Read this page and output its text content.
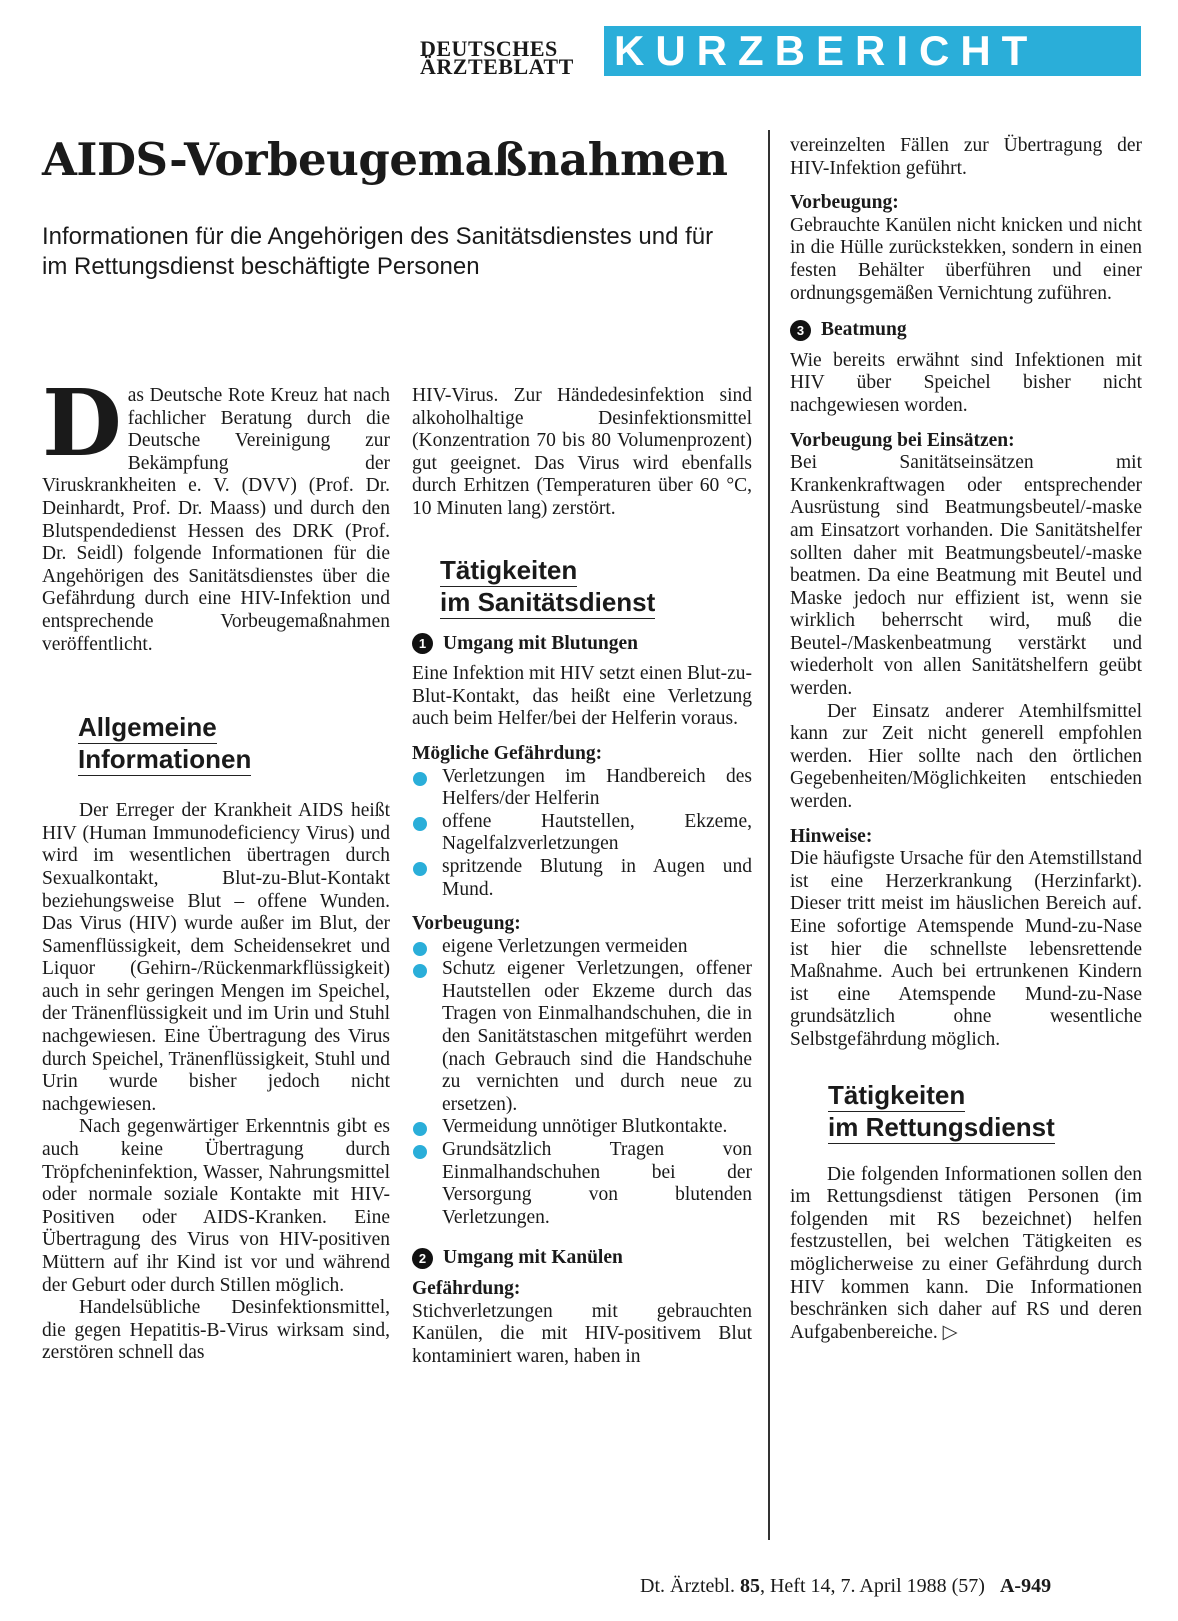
DEUTSCHES
ÄRZTEBLATT KURZBERICHT
AIDS-Vorbeugemaßnahmen

Informationen für die Angehörigen des Sanitätsdienstes und für im Rettungsdienst beschäftigte Personen

Das Deutsche Rote Kreuz hat nach fachlicher Beratung durch die Deutsche Vereinigung zur Bekämpfung der Viruskrankheiten e. V. (DVV) (Prof. Dr. Deinhardt, Prof. Dr. Maass) und durch den Blutspendedienst Hessen des DRK (Prof. Dr. Seidl) folgende Informationen für die Angehörigen des Sanitätsdienstes über die Gefährdung durch eine HIV-Infektion und entsprechende Vorbeugemaßnahmen veröffentlicht.

Allgemeine
Informationen

Der Erreger der Krankheit AIDS heißt HIV (Human Immunodeficiency Virus) und wird im wesentlichen übertragen durch Sexualkontakt, Blut-zu-Blut-Kontakt beziehungsweise Blut – offene Wunden. Das Virus (HIV) wurde außer im Blut, der Samenflüssigkeit, dem Scheidensekret und Liquor (Gehirn-/Rückenmarkflüssigkeit) auch in sehr geringen Mengen im Speichel, der Tränenflüssigkeit und im Urin und Stuhl nachgewiesen. Eine Übertragung des Virus durch Speichel, Tränenflüssigkeit, Stuhl und Urin wurde bisher jedoch nicht nachgewiesen.

Nach gegenwärtiger Erkenntnis gibt es auch keine Übertragung durch Tröpfcheninfektion, Wasser, Nahrungsmittel oder normale soziale Kontakte mit HIV-Positiven oder AIDS-Kranken. Eine Übertragung des Virus von HIV-positiven Müttern auf ihr Kind ist vor und während der Geburt oder durch Stillen möglich.

Handelsübliche Desinfektionsmittel, die gegen Hepatitis-B-Virus wirksam sind, zerstören schnell das

HIV-Virus. Zur Händedesinfektion sind alkoholhaltige Desinfektionsmittel (Konzentration 70 bis 80 Volumenprozent) gut geeignet. Das Virus wird ebenfalls durch Erhitzen (Temperaturen über 60 °C, 10 Minuten lang) zerstört.

Tätigkeiten
im Sanitätsdienst

1 Umgang mit Blutungen

Eine Infektion mit HIV setzt einen Blut-zu-Blut-Kontakt, das heißt eine Verletzung auch beim Helfer/bei der Helferin voraus.

Mögliche Gefährdung:

Verletzungen im Handbereich des Helfers/der Helferin
offene Hautstellen, Ekzeme, Nagelfalzverletzungen
spritzende Blutung in Augen und Mund.

Vorbeugung:

eigene Verletzungen vermeiden
Schutz eigener Verletzungen, offener Hautstellen oder Ekzeme durch das Tragen von Einmalhandschuhen, die in den Sanitätstaschen mitgeführt werden (nach Gebrauch sind die Handschuhe zu vernichten und durch neue zu ersetzen).
Vermeidung unnötiger Blutkontakte.
Grundsätzlich Tragen von Einmalhandschuhen bei der Versorgung von blutenden Verletzungen.

2 Umgang mit Kanülen

Gefährdung:

Stichverletzungen mit gebrauchten Kanülen, die mit HIV-positivem Blut kontaminiert waren, haben in

vereinzelten Fällen zur Übertragung der HIV-Infektion geführt.

Vorbeugung:

Gebrauchte Kanülen nicht knicken und nicht in die Hülle zurückstekken, sondern in einen festen Behälter überführen und einer ordnungsgemäßen Vernichtung zuführen.

3 Beatmung

Wie bereits erwähnt sind Infektionen mit HIV über Speichel bisher nicht nachgewiesen worden.

Vorbeugung bei Einsätzen:

Bei Sanitätseinsätzen mit Krankenkraftwagen oder entsprechender Ausrüstung sind Beatmungsbeutel/-maske am Einsatzort vorhanden. Die Sanitätshelfer sollten daher mit Beatmungsbeutel/-maske beatmen. Da eine Beatmung mit Beutel und Maske jedoch nur effizient ist, wenn sie wirklich beherrscht wird, muß die Beutel-/Maskenbeatmung verstärkt und wiederholt von allen Sanitätshelfern geübt werden.

Der Einsatz anderer Atemhilfsmittel kann zur Zeit nicht generell empfohlen werden. Hier sollte nach den örtlichen Gegebenheiten/Möglichkeiten entschieden werden.

Hinweise:

Die häufigste Ursache für den Atemstillstand ist eine Herzerkrankung (Herzinfarkt). Dieser tritt meist im häuslichen Bereich auf. Eine sofortige Atemspende Mund-zu-Nase ist hier die schnellste lebensrettende Maßnahme. Auch bei ertrunkenen Kindern ist eine Atemspende Mund-zu-Nase grundsätzlich ohne wesentliche Selbstgefährdung möglich.

Tätigkeiten
im Rettungsdienst

Die folgenden Informationen sollen den im Rettungsdienst tätigen Personen (im folgenden mit RS bezeichnet) helfen festzustellen, bei welchen Tätigkeiten es möglicherweise zu einer Gefährdung durch HIV kommen kann. Die Informationen beschränken sich daher auf RS und deren Aufgabenbereiche. ▷

Dt. Ärztebl. 85, Heft 14, 7. April 1988 (57) A-949
